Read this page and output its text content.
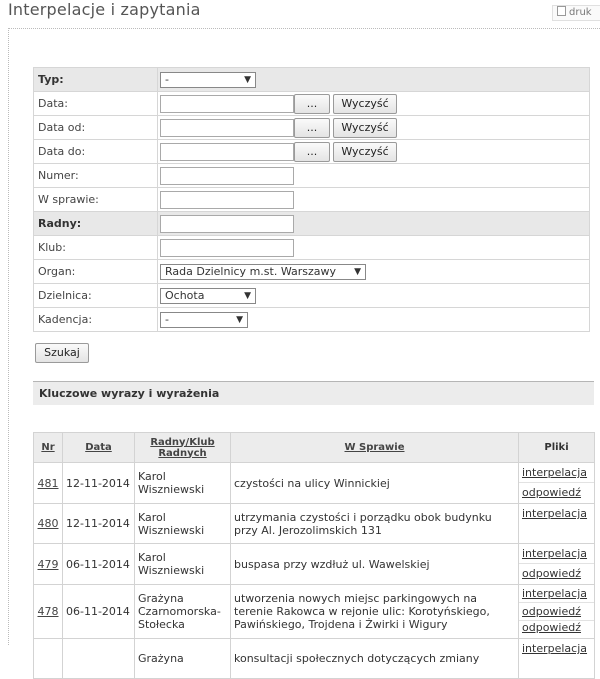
Interpelacje i zapytania	druk
Typ:	- ▼

Data:	... Wyczyść
Data od:	... Wyczyść
Data do:	... Wyczyść
Numer:	
W sprawie:	
Radny:	
Klub:	
Organ:	Rada Dzielnicy m.st. Warszawy ▼

Dzielnica:	Ochota ▼

Kadencja:	- ▼
Szukaj
Kluczowe wyrazy i wyrażenia
Nr	Data	Radny/Klub Radnych	W Sprawie	Pliki
481	12-11-2014	Karol Wiszniewski	czystości na ulicy Winnickiej	interpelacja
odpowiedź

480	12-11-2014	Karol Wiszniewski	utrzymania czystości i porządku obok budynku przy Al. Jerozolimskich 131	interpelacja

479	06-11-2014	Karol Wiszniewski	buspasa przy wzdłuż ul. Wawelskiej	interpelacja
odpowiedź

478	06-11-2014	Grażyna Czarnomorska-Stołecka	utworzenia nowych miejsc parkingowych na terenie Rakowca w rejonie ulic: Korotyńskiego, Pawińskiego, Trojdena i Żwirki i Wigury	interpelacja
odpowiedź
odpowiedź

		Grażyna	konsultacji społecznych dotyczących zmiany	interpelacja
